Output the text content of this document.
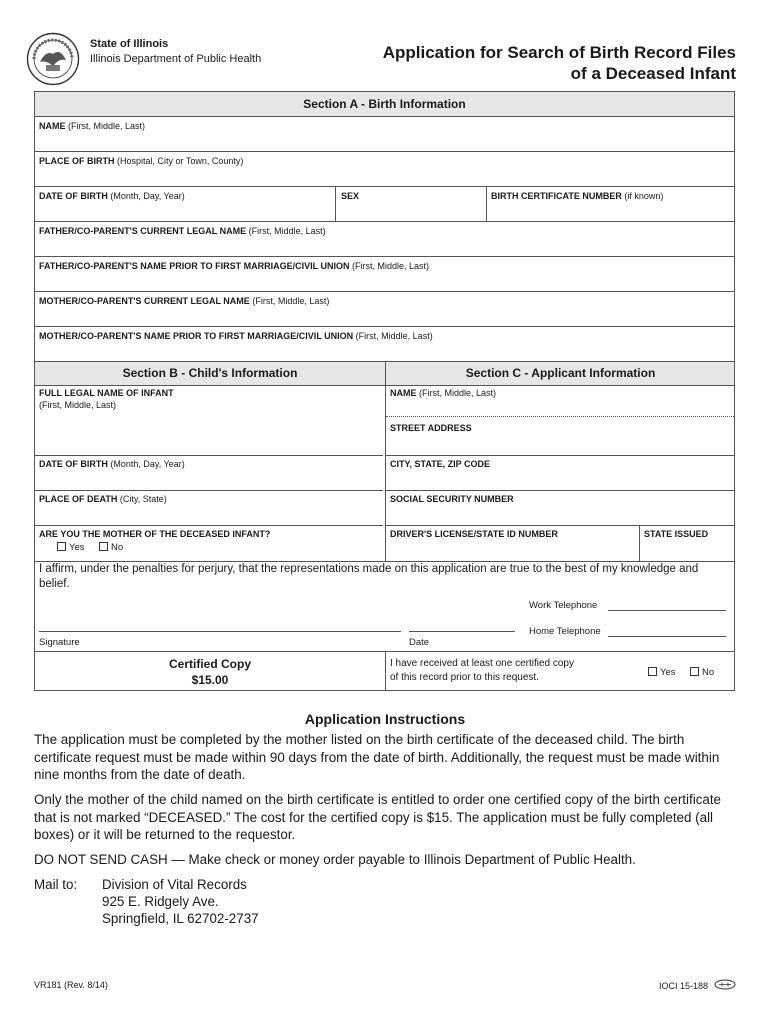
State of Illinois
Illinois Department of Public Health	Application for Search of Birth Record Files
of a Deceased Infant
Section A - Birth Information
NAME (First, Middle, Last)
PLACE OF BIRTH (Hospital, City or Town, County)
DATE OF BIRTH (Month, Day, Year)	SEX	BIRTH CERTIFICATE NUMBER (if known)
FATHER/CO-PARENT'S CURRENT LEGAL NAME (First, Middle, Last)
FATHER/CO-PARENT'S NAME PRIOR TO FIRST MARRIAGE/CIVIL UNION (First, Middle, Last)
MOTHER/CO-PARENT'S CURRENT LEGAL NAME (First, Middle, Last)
MOTHER/CO-PARENT'S NAME PRIOR TO FIRST MARRIAGE/CIVIL UNION (First, Middle, Last)
Section B - Child's Information	Section C - Applicant Information
FULL LEGAL NAME OF INFANT
(First, Middle, Last)
DATE OF BIRTH (Month, Day, Year)
PLACE OF DEATH (City, State)
ARE YOU THE MOTHER OF THE DECEASED INFANT?
Yes	No
NAME (First, Middle, Last)
STREET ADDRESS
CITY, STATE, ZIP CODE
SOCIAL SECURITY NUMBER
DRIVER'S LICENSE/STATE ID NUMBER	STATE ISSUED
I affirm, under the penalties for perjury, that the representations made on this application are true to the best of my knowledge and belief.
Work Telephone
Home Telephone
Signature	Date
Certified Copy
$15.00
I have received at least one certified copy
of this record prior to this request.	Yes	No
Application Instructions
The application must be completed by the mother listed on the birth certificate of the deceased child. The birth certificate request must be made within 90 days from the date of birth. Additionally, the request must be made within nine months from the date of death.
Only the mother of the child named on the birth certificate is entitled to order one certified copy of the birth certificate that is not marked “DECEASED.” The cost for the certified copy is $15. The application must be fully completed (all boxes) or it will be returned to the requestor.
DO NOT SEND CASH — Make check or money order payable to Illinois Department of Public Health.
Mail to: Division of Vital Records
925 E. Ridgely Ave.
Springfield, IL 62702-2737
VR181 (Rev. 8/14)	IOCI 15-188
